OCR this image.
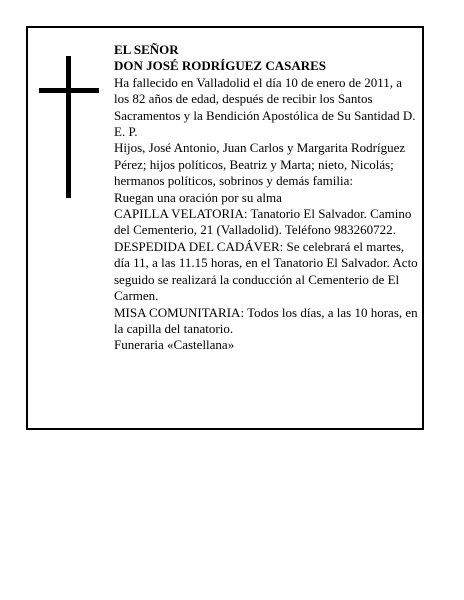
EL SEÑOR

DON JOSÉ RODRÍGUEZ CASARES

Ha fallecido en Valladolid el día 10 de enero de 2011, a los 82 años de edad, después de recibir los Santos Sacramentos y la Bendición Apostólica de Su Santidad D. E. P.

Hijos, José Antonio, Juan Carlos y Margarita Rodríguez Pérez; hijos políticos, Beatriz y Marta; nieto, Nicolás; hermanos políticos, sobrinos y demás familia:

Ruegan una oración por su alma

CAPILLA VELATORIA: Tanatorio El Salvador. Camino del Cementerio, 21 (Valladolid). Teléfono 983260722.

DESPEDIDA DEL CADÁVER: Se celebrará el martes, día 11, a las 11.15 horas, en el Tanatorio El Salvador. Acto seguido se realizará la conducción al Cementerio de El Carmen.

MISA COMUNITARIA: Todos los días, a las 10 horas, en la capilla del tanatorio.

Funeraria «Castellana»
